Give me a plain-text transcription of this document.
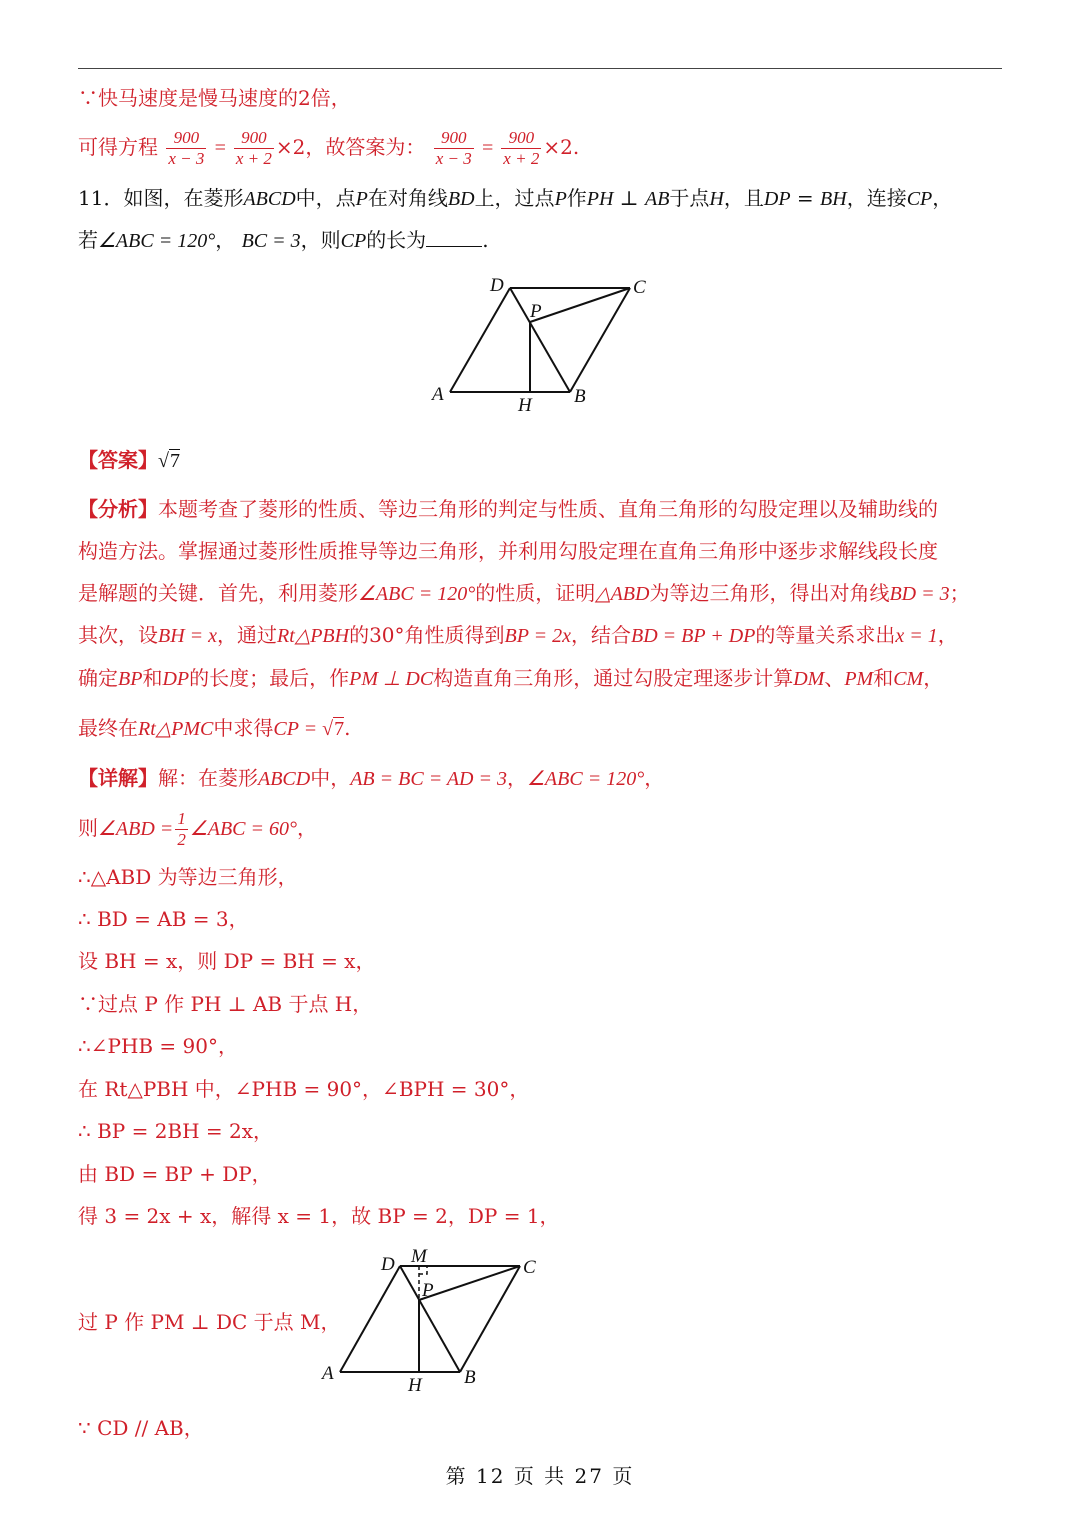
∵快马速度是慢马速度的2倍，
可得方程 $\frac{900}{x - 3} = \frac{900}{x + 2} \times 2$，故答案为： $\frac{900}{x - 3} = \frac{900}{x + 2} \times 2$.
11．如图，在菱形ABCD中，点P在对角线BD上，过点P作PH ⊥ AB于点H，且DP = BH，连接CP，
若∠ABC = 120°， BC = 3，则CP的长为	.
D	C
P
A
H B
【答案】√7
【分析】本题考查了菱形的性质、等边三角形的判定与性质、直角三角形的勾股定理以及辅助线的
构造方法。掌握通过菱形性质推导等边三角形，并利用勾股定理在直角三角形中逐步求解线段长度
是解题的关键．首先，利用菱形∠ABC = 120°的性质，证明△ABD为等边三角形，得出对角线BD = 3；
其次，设BH = x，通过Rt△PBH的30°角性质得到BP = 2x，结合BD = BP + DP的等量关系求出x = 1，
确定BP和DP的长度；最后，作PM ⊥ DC构造直角三角形，通过勾股定理逐步计算DM、PM和CM，
最终在Rt△PMC中求得CP = √7.
【详解】解：在菱形ABCD中，AB = BC = AD = 3，∠ABC = 120°，
则∠ABD = $\frac{1}{2}$ ∠ABC = 60°，
∴△ABD 为等边三角形，
∴ BD = AB = 3，
设 BH = x，则 DP = BH = x，
∵过点 P 作 PH ⊥ AB 于点 H，
∴∠PHB = 90°，
在 Rt△PBH 中，∠PHB = 90°，∠BPH = 30°，
∴ BP = 2BH = 2x，
由 BD = BP + DP，
得 3 = 2x + x，解得 x = 1，故 BP = 2，DP = 1，
D M
C
P
A
H B
过 P 作 PM ⊥ DC 于点 M，
∵ CD // AB，
第 12 页 共 27 页
